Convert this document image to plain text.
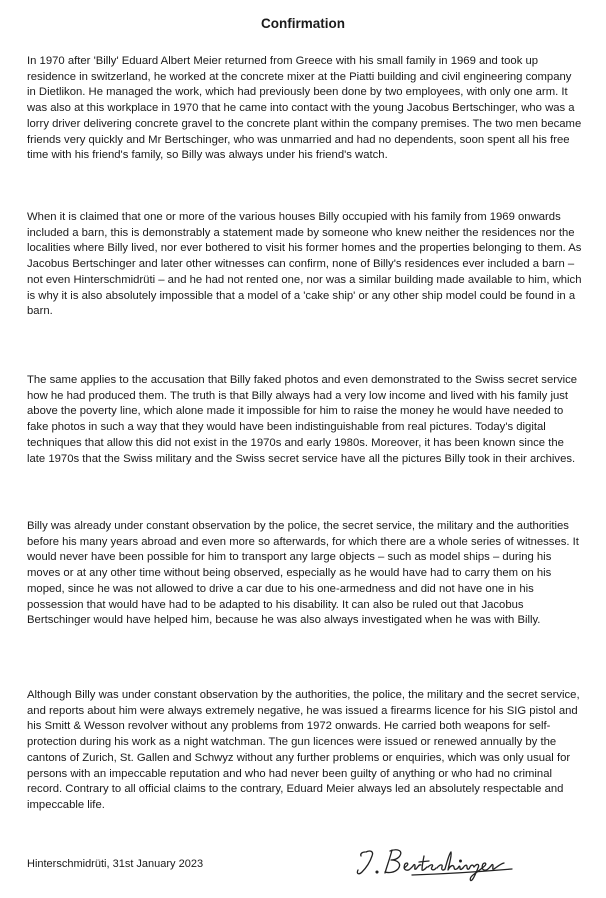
Confirmation

In 1970 after 'Billy' Eduard Albert Meier returned from Greece with his small family in 1969 and took up residence in switzerland, he worked at the concrete mixer at the Piatti building and civil engineering company in Dietlikon. He managed the work, which had previously been done by two employees, with only one arm. It was also at this workplace in 1970 that he came into contact with the young Jacobus Bertschinger, who was a lorry driver delivering concrete gravel to the concrete plant within the company premises. The two men became friends very quickly and Mr Bertschinger, who was unmarried and had no dependents, soon spent all his free time with his friend's family, so Billy was always under his friend's watch.

When it is claimed that one or more of the various houses Billy occupied with his family from 1969 onwards included a barn, this is demonstrably a statement made by someone who knew neither the residences nor the localities where Billy lived, nor ever bothered to visit his former homes and the properties belonging to them. As Jacobus Bertschinger and later other witnesses can confirm, none of Billy's residences ever included a barn – not even Hinterschmidrüti – and he had not rented one, nor was a similar building made available to him, which is why it is also absolutely impossible that a model of a 'cake ship' or any other ship model could be found in a barn.

The same applies to the accusation that Billy faked photos and even demonstrated to the Swiss secret service how he had produced them. The truth is that Billy always had a very low income and lived with his family just above the poverty line, which alone made it impossible for him to raise the money he would have needed to fake photos in such a way that they would have been indistinguishable from real pictures. Today's digital techniques that allow this did not exist in the 1970s and early 1980s. Moreover, it has been known since the late 1970s that the Swiss military and the Swiss secret service have all the pictures Billy took in their archives.

Billy was already under constant observation by the police, the secret service, the military and the authorities before his many years abroad and even more so afterwards, for which there are a whole series of witnesses. It would never have been possible for him to transport any large objects – such as model ships – during his moves or at any other time without being observed, especially as he would have had to carry them on his moped, since he was not allowed to drive a car due to his one-armedness and did not have one in his possession that would have had to be adapted to his disability. It can also be ruled out that Jacobus Bertschinger would have helped him, because he was also always investigated when he was with Billy.

Although Billy was under constant observation by the authorities, the police, the military and the secret service, and reports about him were always extremely negative, he was issued a firearms licence for his SIG pistol and his Smitt & Wesson revolver without any problems from 1972 onwards. He carried both weapons for self-protection during his work as a night watchman. The gun licences were issued or renewed annually by the cantons of Zurich, St. Gallen and Schwyz without any further problems or enquiries, which was only usual for persons with an impeccable reputation and who had never been guilty of anything or who had no criminal record. Contrary to all official claims to the contrary, Eduard Meier always led an absolutely respectable and impeccable life.

Hinterschmidrüti, 31st January 2023
